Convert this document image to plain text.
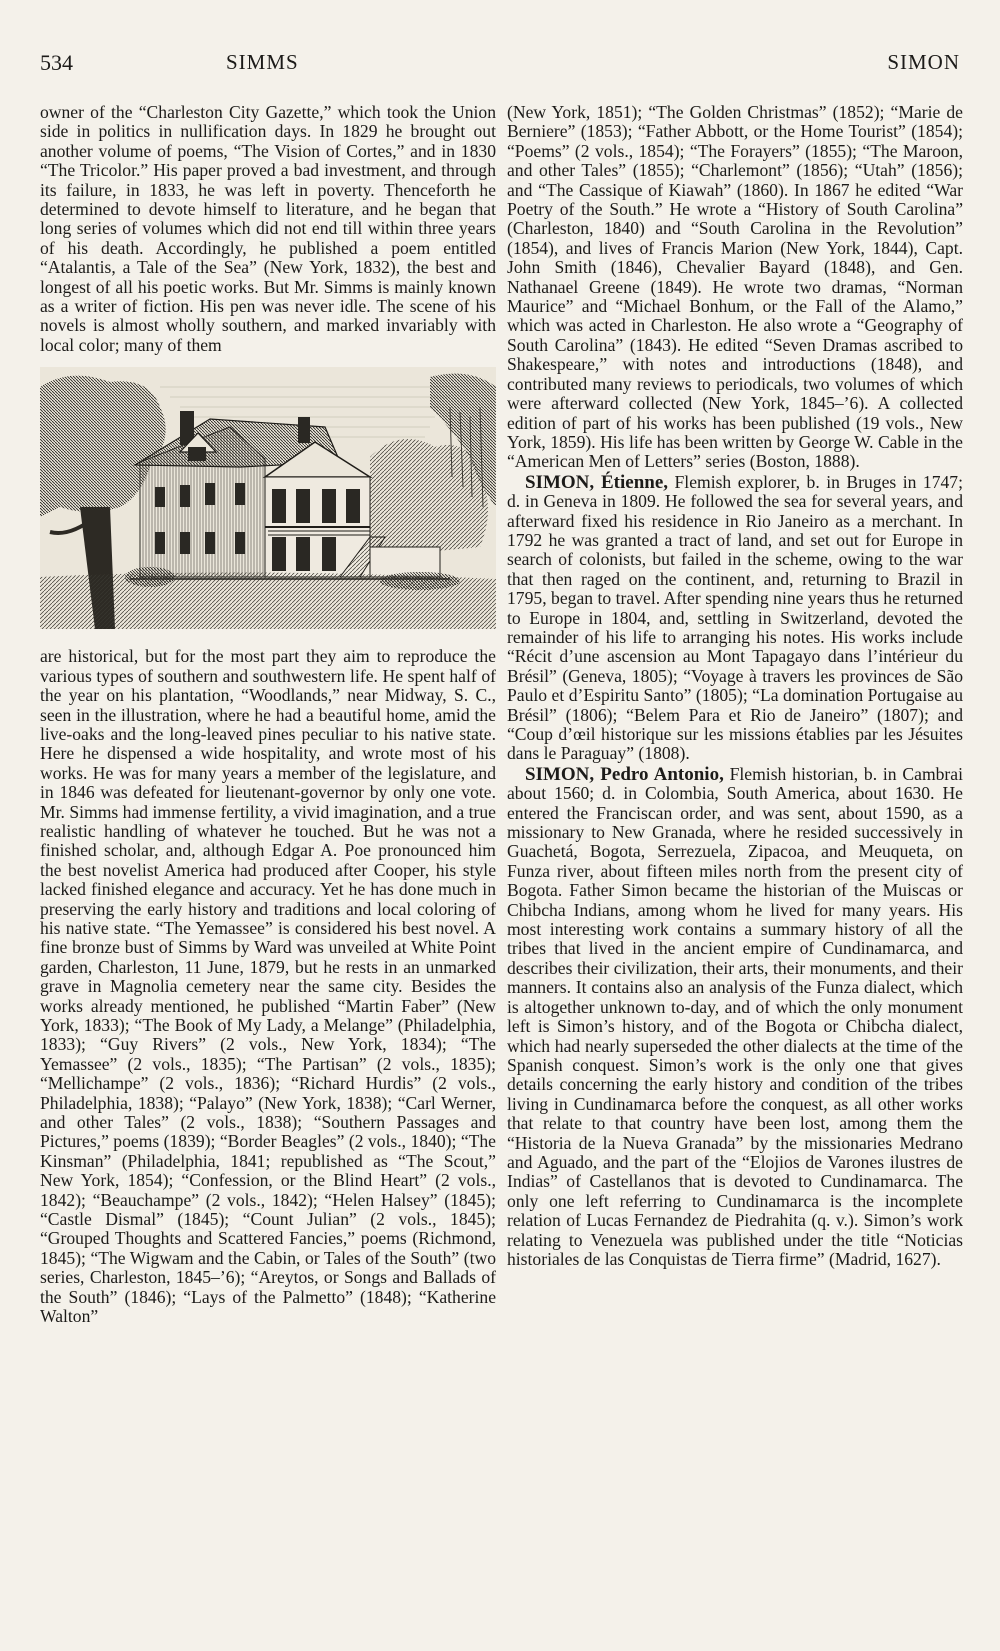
534	SIMMS	SIMON

owner of the “Charleston City Gazette,” which took the Union side in politics in nullification days. In 1829 he brought out another volume of poems, “The Vision of Cortes,” and in 1830 “The Tricolor.” His paper proved a bad investment, and through its failure, in 1833, he was left in poverty. Thenceforth he determined to devote himself to literature, and he began that long series of volumes which did not end till within three years of his death. Accordingly, he published a poem entitled “Atalantis, a Tale of the Sea” (New York, 1832), the best and longest of all his poetic works. But Mr. Simms is mainly known as a writer of fiction. His pen was never idle. The scene of his novels is almost wholly southern, and marked invariably with local color; many of them

are historical, but for the most part they aim to reproduce the various types of southern and southwestern life. He spent half of the year on his plantation, “Woodlands,” near Midway, S. C., seen in the illustration, where he had a beautiful home, amid the live-oaks and the long-leaved pines peculiar to his native state. Here he dispensed a wide hospitality, and wrote most of his works. He was for many years a member of the legislature, and in 1846 was defeated for lieutenant-governor by only one vote. Mr. Simms had immense fertility, a vivid imagination, and a true realistic handling of whatever he touched. But he was not a finished scholar, and, although Edgar A. Poe pronounced him the best novelist America had produced after Cooper, his style lacked finished elegance and accuracy. Yet he has done much in preserving the early history and traditions and local coloring of his native state. “The Yemassee” is considered his best novel. A fine bronze bust of Simms by Ward was unveiled at White Point garden, Charleston, 11 June, 1879, but he rests in an unmarked grave in Magnolia cemetery near the same city. Besides the works already mentioned, he published “Martin Faber” (New York, 1833); “The Book of My Lady, a Melange” (Philadelphia, 1833); “Guy Rivers” (2 vols., New York, 1834); “The Yemassee” (2 vols., 1835); “The Partisan” (2 vols., 1835); “Mellichampe” (2 vols., 1836); “Richard Hurdis” (2 vols., Philadelphia, 1838); “Palayo” (New York, 1838); “Carl Werner, and other Tales” (2 vols., 1838); “Southern Passages and Pictures,” poems (1839); “Border Beagles” (2 vols., 1840); “The Kinsman” (Philadelphia, 1841; republished as “The Scout,” New York, 1854); “Confession, or the Blind Heart” (2 vols., 1842); “Beauchampe” (2 vols., 1842); “Helen Halsey” (1845); “Castle Dismal” (1845); “Count Julian” (2 vols., 1845); “Grouped Thoughts and Scattered Fancies,” poems (Richmond, 1845); “The Wigwam and the Cabin, or Tales of the South” (two series, Charleston, 1845–’6); “Areytos, or Songs and Ballads of the South” (1846); “Lays of the Palmetto” (1848); “Katherine Walton”

(New York, 1851); “The Golden Christmas” (1852); “Marie de Berniere” (1853); “Father Abbott, or the Home Tourist” (1854); “Poems” (2 vols., 1854); “The Forayers” (1855); “The Maroon, and other Tales” (1855); “Charlemont” (1856); “Utah” (1856); and “The Cassique of Kiawah” (1860). In 1867 he edited “War Poetry of the South.” He wrote a “History of South Carolina” (Charleston, 1840) and “South Carolina in the Revolution” (1854), and lives of Francis Marion (New York, 1844), Capt. John Smith (1846), Chevalier Bayard (1848), and Gen. Nathanael Greene (1849). He wrote two dramas, “Norman Maurice” and “Michael Bonhum, or the Fall of the Alamo,” which was acted in Charleston. He also wrote a “Geography of South Carolina” (1843). He edited “Seven Dramas ascribed to Shakespeare,” with notes and introductions (1848), and contributed many reviews to periodicals, two volumes of which were afterward collected (New York, 1845–’6). A collected edition of part of his works has been published (19 vols., New York, 1859). His life has been written by George W. Cable in the “American Men of Letters” series (Boston, 1888).

SIMON, Étienne, Flemish explorer, b. in Bruges in 1747; d. in Geneva in 1809. He followed the sea for several years, and afterward fixed his residence in Rio Janeiro as a merchant. In 1792 he was granted a tract of land, and set out for Europe in search of colonists, but failed in the scheme, owing to the war that then raged on the continent, and, returning to Brazil in 1795, began to travel. After spending nine years thus he returned to Europe in 1804, and, settling in Switzerland, devoted the remainder of his life to arranging his notes. His works include “Récit d’une ascension au Mont Tapagayo dans l’intérieur du Brésil” (Geneva, 1805); “Voyage à travers les provinces de São Paulo et d’Espiritu Santo” (1805); “La domination Portugaise au Brésil” (1806); “Belem Para et Rio de Janeiro” (1807); and “Coup d’œil historique sur les missions établies par les Jésuites dans le Paraguay” (1808).

SIMON, Pedro Antonio, Flemish historian, b. in Cambrai about 1560; d. in Colombia, South America, about 1630. He entered the Franciscan order, and was sent, about 1590, as a missionary to New Granada, where he resided successively in Guachetá, Bogota, Serrezuela, Zipacoa, and Meuqueta, on Funza river, about fifteen miles north from the present city of Bogota. Father Simon became the historian of the Muiscas or Chibcha Indians, among whom he lived for many years. His most interesting work contains a summary history of all the tribes that lived in the ancient empire of Cundinamarca, and describes their civilization, their arts, their monuments, and their manners. It contains also an analysis of the Funza dialect, which is altogether unknown to-day, and of which the only monument left is Simon’s history, and of the Bogota or Chibcha dialect, which had nearly superseded the other dialects at the time of the Spanish conquest. Simon’s work is the only one that gives details concerning the early history and condition of the tribes living in Cundinamarca before the conquest, as all other works that relate to that country have been lost, among them the “Historia de la Nueva Granada” by the missionaries Medrano and Aguado, and the part of the “Elojios de Varones ilustres de Indias” of Castellanos that is devoted to Cundinamarca. The only one left referring to Cundinamarca is the incomplete relation of Lucas Fernandez de Piedrahita (q. v.). Simon’s work relating to Venezuela was published under the title “Noticias historiales de las Conquistas de Tierra firme” (Madrid, 1627).
